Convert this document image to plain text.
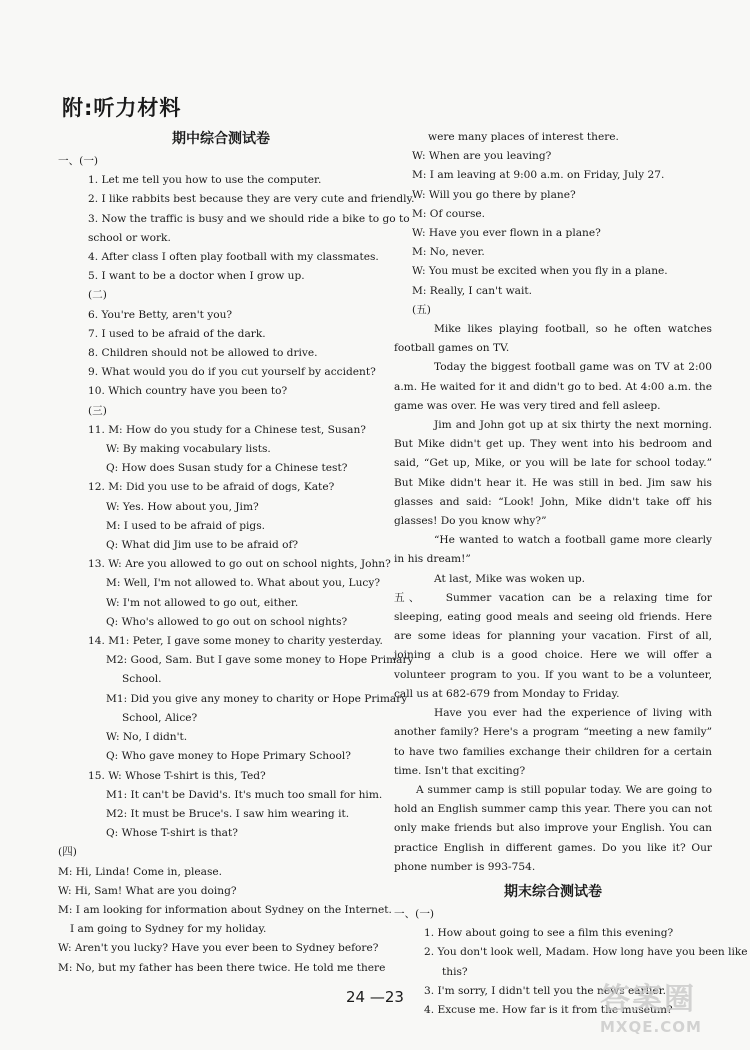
附:听力材料
期中综合测试卷
一、(一)
1. Let me tell you how to use the computer.
2. I like rabbits best because they are very cute and friendly.
3. Now the traffic is busy and we should ride a bike to go to
school or work.
4. After class I often play football with my classmates.
5. I want to be a doctor when I grow up.
(二)
6. You're Betty, aren't you?
7. I used to be afraid of the dark.
8. Children should not be allowed to drive.
9. What would you do if you cut yourself by accident?
10. Which country have you been to?
(三)
11. M: How do you study for a Chinese test, Susan?
W: By making vocabulary lists.
Q: How does Susan study for a Chinese test?
12. M: Did you use to be afraid of dogs, Kate?
W: Yes. How about you, Jim?
M: I used to be afraid of pigs.
Q: What did Jim use to be afraid of?
13. W: Are you allowed to go out on school nights, John?
M: Well, I'm not allowed to. What about you, Lucy?
W: I'm not allowed to go out, either.
Q: Who's allowed to go out on school nights?
14. M1: Peter, I gave some money to charity yesterday.
M2: Good, Sam. But I gave some money to Hope Primary
School.
M1: Did you give any money to charity or Hope Primary
School, Alice?
W: No, I didn't.
Q: Who gave money to Hope Primary School?
15. W: Whose T-shirt is this, Ted?
M1: It can't be David's. It's much too small for him.
M2: It must be Bruce's. I saw him wearing it.
Q: Whose T-shirt is that?
(四)
M: Hi, Linda! Come in, please.
W: Hi, Sam! What are you doing?
M: I am looking for information about Sydney on the Internet.
I am going to Sydney for my holiday.
W: Aren't you lucky? Have you ever been to Sydney before?
M: No, but my father has been there twice. He told me there
were many places of interest there.
W: When are you leaving?
M: I am leaving at 9:00 a.m. on Friday, July 27.
W: Will you go there by plane?
M: Of course.
W: Have you ever flown in a plane?
M: No, never.
W: You must be excited when you fly in a plane.
M: Really, I can't wait.
(五)
Mike likes playing football, so he often watches football games on TV.
Today the biggest football game was on TV at 2:00 a.m. He waited for it and didn't go to bed. At 4:00 a.m. the game was over. He was very tired and fell asleep.
Jim and John got up at six thirty the next morning. But Mike didn't get up. They went into his bedroom and said, “Get up, Mike, or you will be late for school today.” But Mike didn't hear it. He was still in bed. Jim saw his glasses and said: “Look! John, Mike didn't take off his glasses! Do you know why?”
“He wanted to watch a football game more clearly in his dream!”
At last, Mike was woken up.
五、 Summer vacation can be a relaxing time for sleeping, eating good meals and seeing old friends. Here are some ideas for planning your vacation. First of all, joining a club is a good choice. Here we will offer a volunteer program to you. If you want to be a volunteer, call us at 682-679 from Monday to Friday.
Have you ever had the experience of living with another family? Here's a program “meeting a new family” to have two families exchange their children for a certain time. Isn't that exciting?
A summer camp is still popular today. We are going to hold an English summer camp this year. There you can not only make friends but also improve your English. You can practice English in different games. Do you like it? Our phone number is 993-754.
期末综合测试卷
一、(一)
1. How about going to see a film this evening?
2. You don't look well, Madam. How long have you been like
this?
3. I'm sorry, I didn't tell you the news earlier.
4. Excuse me. How far is it from the museum?
24 —23	答案圈
MXQE.COM
